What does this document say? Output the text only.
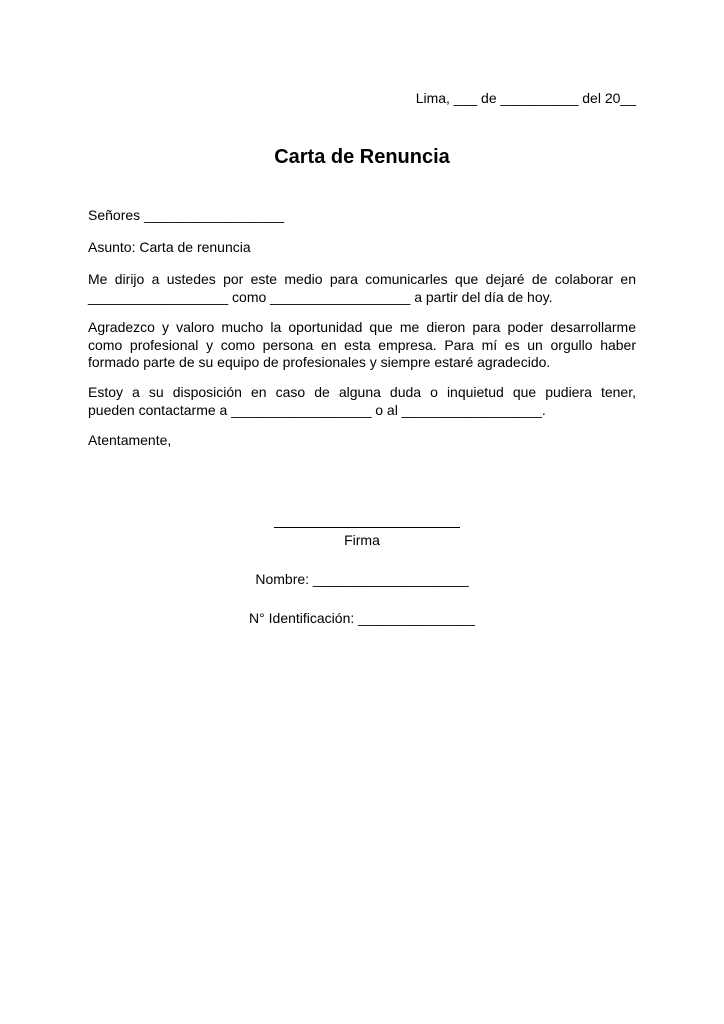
Lima, ___ de __________ del 20__
Carta de Renuncia
Señores __________________
Asunto: Carta de renuncia
Me dirijo a ustedes por este medio para comunicarles que dejaré de colaborar en
__________________ como __________________ a partir del día de hoy.
Agradezco y valoro mucho la oportunidad que me dieron para poder desarrollarme
como profesional y como persona en esta empresa. Para mí es un orgullo haber
formado parte de su equipo de profesionales y siempre estaré agradecido.
Estoy a su disposición en caso de alguna duda o inquietud que pudiera tener,
pueden contactarme a __________________ o al __________________.
Atentamente,
Firma
Nombre: ____________________
N° Identificación: _______________
